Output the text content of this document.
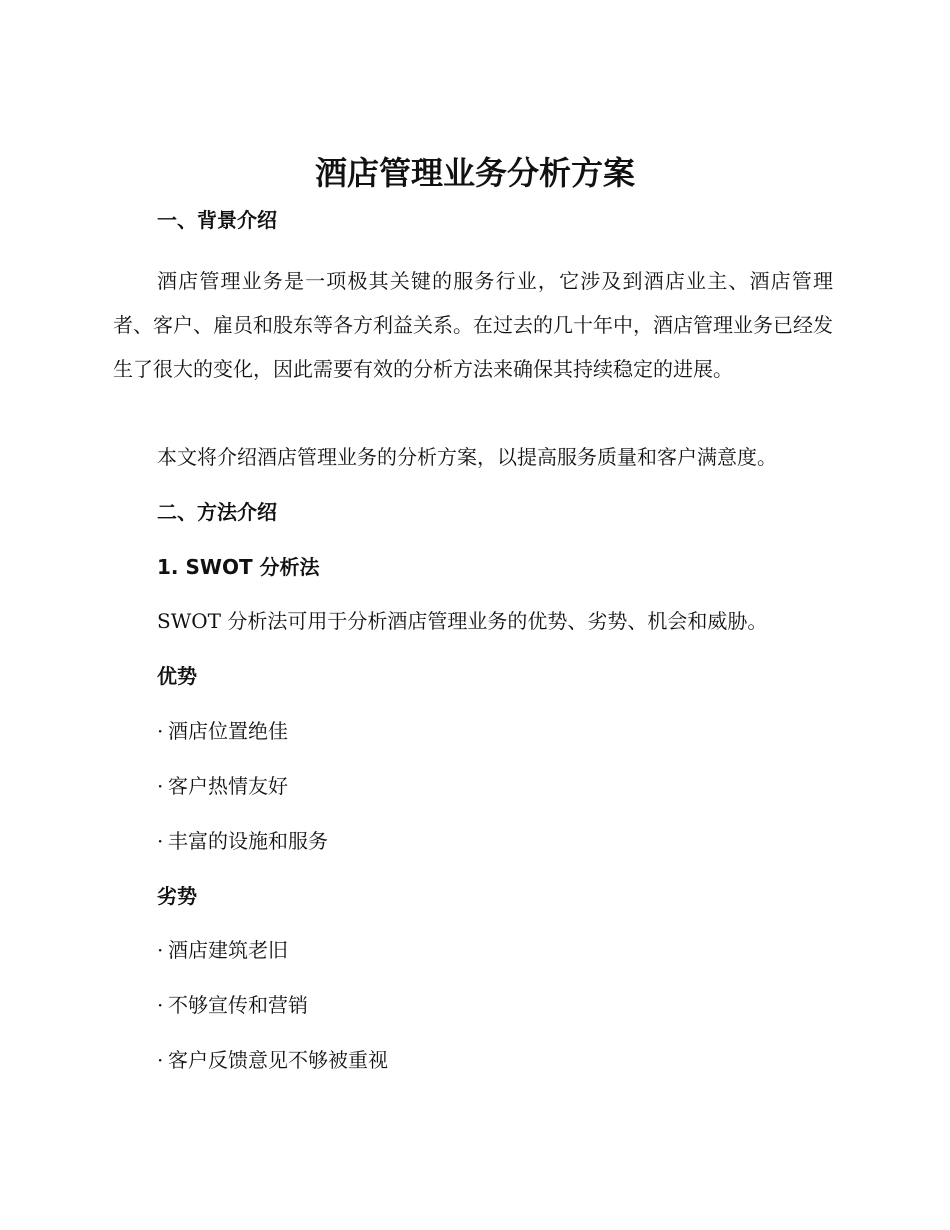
酒店管理业务分析方案
一、背景介绍

酒店管理业务是一项极其关键的服务行业，它涉及到酒店业主、酒店管理者、客户、雇员和股东等各方利益关系。在过去的几十年中，酒店管理业务已经发生了很大的变化，因此需要有效的分析方法来确保其持续稳定的进展。

本文将介绍酒店管理业务的分析方案，以提高服务质量和客户满意度。

二、方法介绍
1. SWOT 分析法

SWOT 分析法可用于分析酒店管理业务的优势、劣势、机会和威胁。

优势

· 酒店位置绝佳

· 客户热情友好

· 丰富的设施和服务

劣势

· 酒店建筑老旧

· 不够宣传和营销

· 客户反馈意见不够被重视
